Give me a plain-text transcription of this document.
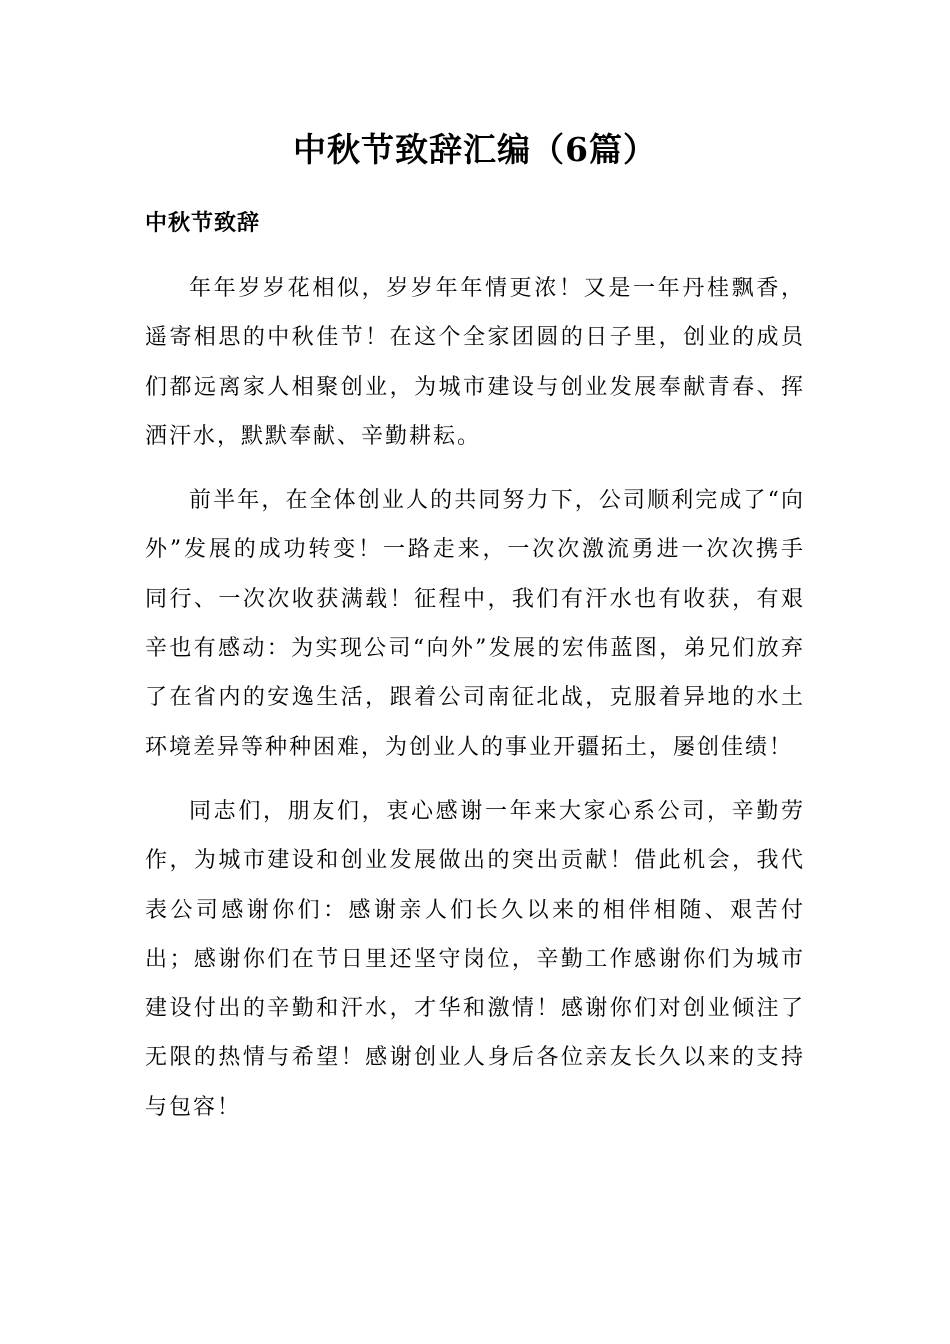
中秋节致辞汇编（6篇）
中秋节致辞

年年岁岁花相似，岁岁年年情更浓！又是一年丹桂飘香，遥寄相思的中秋佳节！在这个全家团圆的日子里，创业的成员们都远离家人相聚创业，为城市建设与创业发展奉献青春、挥洒汗水，默默奉献、辛勤耕耘。

前半年，在全体创业人的共同努力下，公司顺利完成了“向外”发展的成功转变！一路走来，一次次激流勇进一次次携手同行、一次次收获满载！征程中，我们有汗水也有收获，有艰辛也有感动：为实现公司“向外”发展的宏伟蓝图，弟兄们放弃了在省内的安逸生活，跟着公司南征北战，克服着异地的水土环境差异等种种困难，为创业人的事业开疆拓土，屡创佳绩！

同志们，朋友们，衷心感谢一年来大家心系公司，辛勤劳作，为城市建设和创业发展做出的突出贡献！借此机会，我代表公司感谢你们：感谢亲人们长久以来的相伴相随、艰苦付出；感谢你们在节日里还坚守岗位，辛勤工作感谢你们为城市建设付出的辛勤和汗水，才华和激情！感谢你们对创业倾注了无限的热情与希望！感谢创业人身后各位亲友长久以来的支持与包容！
